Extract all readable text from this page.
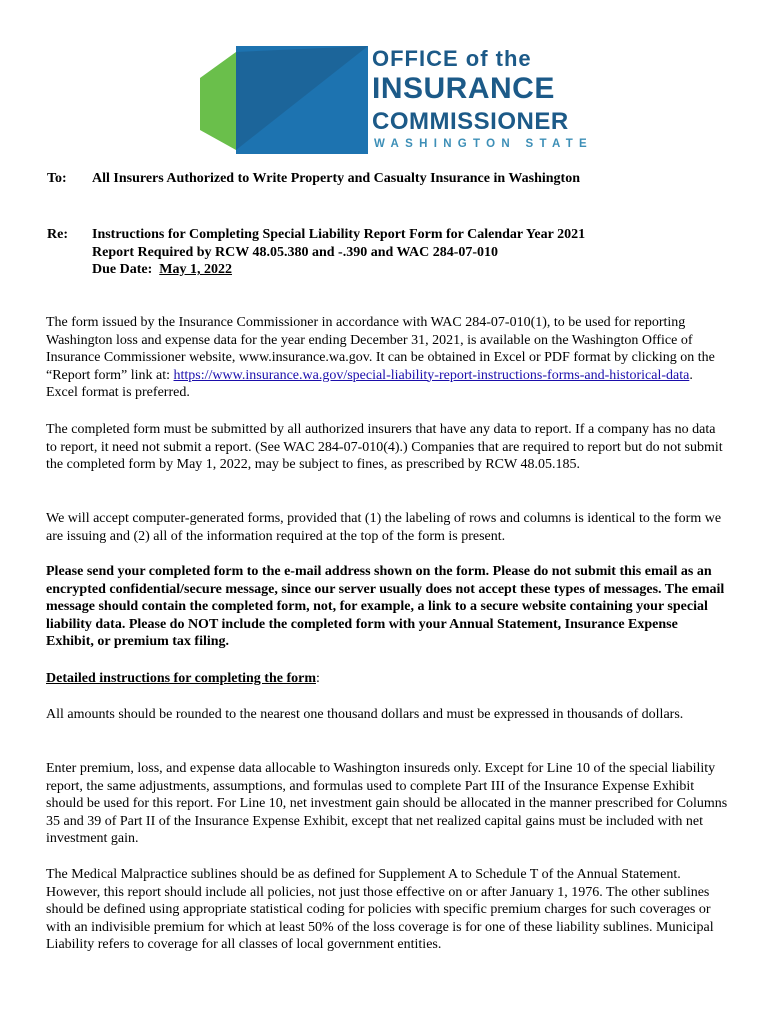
OFFICE of the
INSURANCE
COMMISSIONER
WASHINGTON STATE
To: All Insurers Authorized to Write Property and Casualty Insurance in Washington
Re: Instructions for Completing Special Liability Report Form for Calendar Year 2021
Report Required by RCW 48.05.380 and -.390 and WAC 284-07-010
Due Date: May 1, 2022

The form issued by the Insurance Commissioner in accordance with WAC 284-07-010(1), to be used for reporting Washington loss and expense data for the year ending December 31, 2021, is available on the Washington Office of Insurance Commissioner website, www.insurance.wa.gov. It can be obtained in Excel or PDF format by clicking on the “Report form” link at: https://www.insurance.wa.gov/special-liability-report-instructions-forms-and-historical-data. Excel format is preferred.

The completed form must be submitted by all authorized insurers that have any data to report. If a company has no data to report, it need not submit a report. (See WAC 284-07-010(4).) Companies that are required to report but do not submit the completed form by May 1, 2022, may be subject to fines, as prescribed by RCW 48.05.185.

We will accept computer-generated forms, provided that (1) the labeling of rows and columns is identical to the form we are issuing and (2) all of the information required at the top of the form is present.

Please send your completed form to the e-mail address shown on the form. Please do not submit this email as an encrypted confidential/secure message, since our server usually does not accept these types of messages. The email message should contain the completed form, not, for example, a link to a secure website containing your special liability data. Please do NOT include the completed form with your Annual Statement, Insurance Expense Exhibit, or premium tax filing.

Detailed instructions for completing the form:

All amounts should be rounded to the nearest one thousand dollars and must be expressed in thousands of dollars.

Enter premium, loss, and expense data allocable to Washington insureds only. Except for Line 10 of the special liability report, the same adjustments, assumptions, and formulas used to complete Part III of the Insurance Expense Exhibit should be used for this report. For Line 10, net investment gain should be allocated in the manner prescribed for Columns 35 and 39 of Part II of the Insurance Expense Exhibit, except that net realized capital gains must be included with net investment gain.

The Medical Malpractice sublines should be as defined for Supplement A to Schedule T of the Annual Statement. However, this report should include all policies, not just those effective on or after January 1, 1976. The other sublines should be defined using appropriate statistical coding for policies with specific premium charges for such coverages or with an indivisible premium for which at least 50% of the loss coverage is for one of these liability sublines. Municipal Liability refers to coverage for all classes of local government entities.
